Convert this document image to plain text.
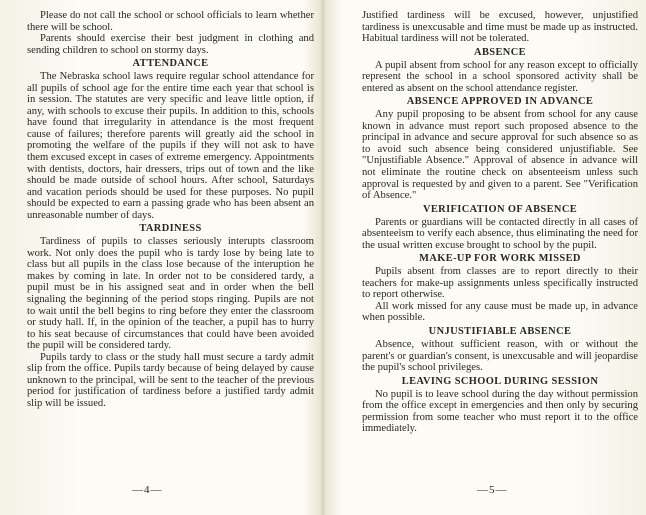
Please do not call the school or school officials to learn whether there will be school.

Parents should exercise their best judgment in clothing and sending children to school on stormy days.

ATTENDANCE

The Nebraska school laws require regular school attendance for all pupils of school age for the entire time each year that school is in session. The statutes are very specific and leave little option, if any, with schools to excuse their pupils. In addition to this, schools have found that irregularity in attendance is the most frequent cause of failures; therefore parents will greatly aid the school in promoting the welfare of the pupils if they will not ask to have them excused except in cases of extreme emergency. Appointments with dentists, doctors, hair dressers, trips out of town and the like should be made outside of school hours. After school, Saturdays and vacation periods should be used for these purposes. No pupil should be expected to earn a passing grade who has been absent an unreasonable number of days.

TARDINESS

Tardiness of pupils to classes seriously interupts classroom work. Not only does the pupil who is tardy lose by being late to class but all pupils in the class lose because of the interuption he makes by coming in late. In order not to be considered tardy, a pupil must be in his assigned seat and in order when the bell signaling the beginning of the period stops ringing. Pupils are not to wait until the bell begins to ring before they enter the classroom or study hall. If, in the opinion of the teacher, a pupil has to hurry to his seat because of circumstances that could have been avoided the pupil will be considered tardy.

Pupils tardy to class or the study hall must secure a tardy admit slip from the office. Pupils tardy because of being delayed by cause unknown to the principal, will be sent to the teacher of the previous period for justification of tardiness before a justified tardy admit slip will be issued.

—4—

Justified tardiness will be excused, however, unjustified tardiness is unexcusable and time must be made up as instructed. Habitual tardiness will not be tolerated.

ABSENCE

A pupil absent from school for any reason except to officially represent the school in a school sponsored activity shall be entered as absent on the school attendance register.

ABSENCE APPROVED IN ADVANCE

Any pupil proposing to be absent from school for any cause known in advance must report such proposed absence to the principal in advance and secure approval for such absence so as to avoid such absence being considered unjustifiable. See "Unjustifiable Absence." Approval of absence in advance will not eliminate the routine check on absenteeism unless such approval is requested by and given to a parent. See "Verification of Absence."

VERIFICATION OF ABSENCE

Parents or guardians will be contacted directly in all cases of absenteeism to verify each absence, thus eliminating the need for the usual written excuse brought to school by the pupil.

MAKE-UP FOR WORK MISSED

Pupils absent from classes are to report directly to their teachers for make-up assignments unless specifically instructed to report otherwise.

All work missed for any cause must be made up, in advance when possible.

UNJUSTIFIABLE ABSENCE

Absence, without sufficient reason, with or without the parent's or guardian's consent, is unexcusable and will jeopardise the pupil's school privileges.

LEAVING SCHOOL DURING SESSION

No pupil is to leave school during the day without permission from the office except in emergencies and then only by securing permission from some teacher who must report it to the office immediately.

—5—
